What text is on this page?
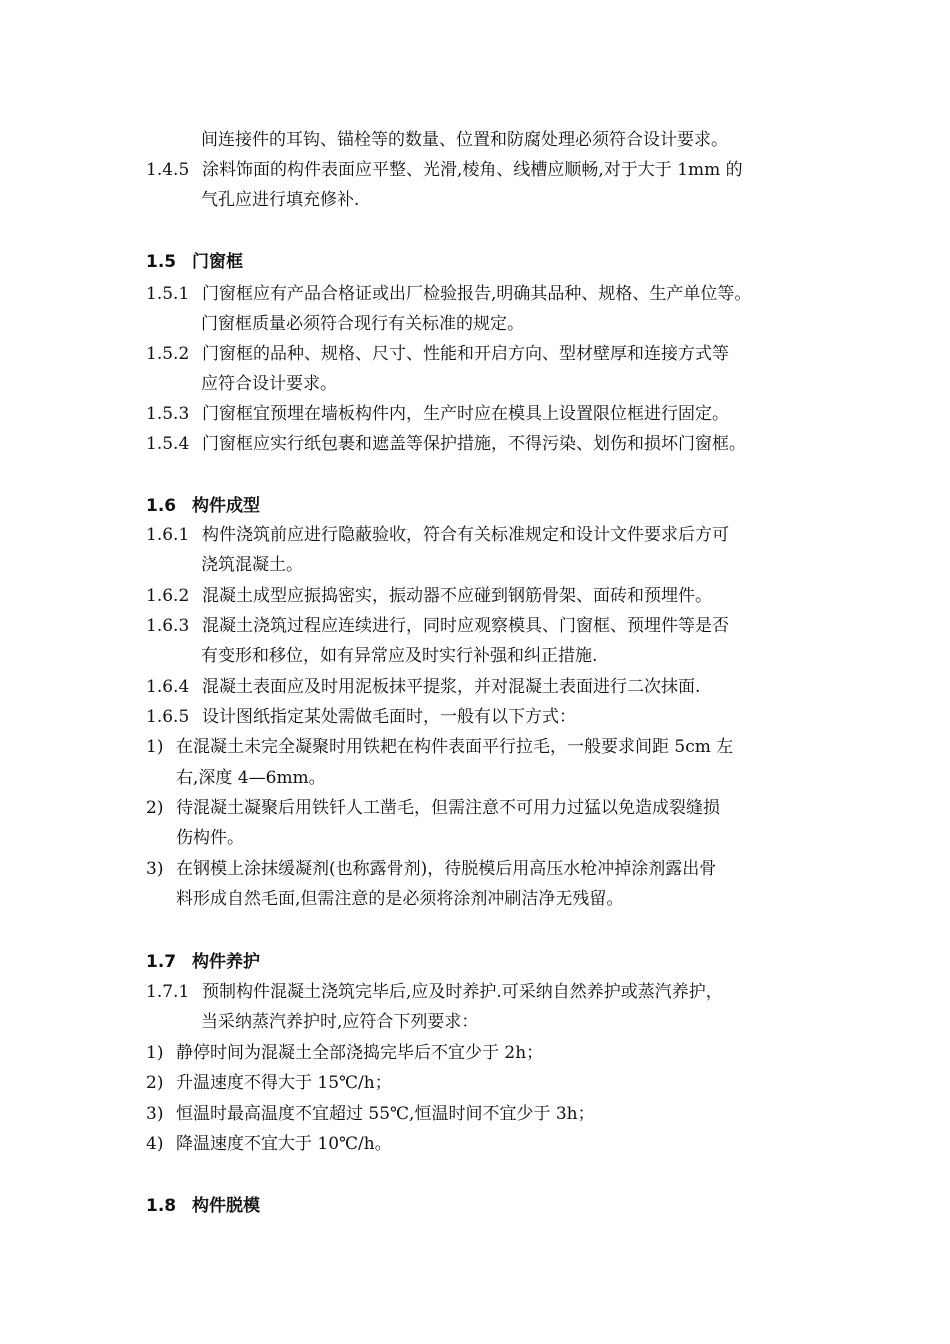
间连接件的耳钩、锚栓等的数量、位置和防腐处理必须符合设计要求。
1.4.5 涂料饰面的构件表面应平整、光滑,棱角、线槽应顺畅,对于大于 1mm 的
气孔应进行填充修补.
1.5 门窗框
1.5.1 门窗框应有产品合格证或出厂检验报告,明确其品种、规格、生产单位等。
门窗框质量必须符合现行有关标准的规定。
1.5.2 门窗框的品种、规格、尺寸、性能和开启方向、型材壁厚和连接方式等
应符合设计要求。
1.5.3 门窗框宜预埋在墙板构件内，生产时应在模具上设置限位框进行固定。
1.5.4 门窗框应实行纸包裹和遮盖等保护措施，不得污染、划伤和损坏门窗框。
1.6 构件成型
1.6.1 构件浇筑前应进行隐蔽验收，符合有关标准规定和设计文件要求后方可
浇筑混凝土。
1.6.2 混凝土成型应振捣密实，振动器不应碰到钢筋骨架、面砖和预埋件。
1.6.3 混凝土浇筑过程应连续进行，同时应观察模具、门窗框、预埋件等是否
有变形和移位，如有异常应及时实行补强和纠正措施.
1.6.4 混凝土表面应及时用泥板抹平提浆，并对混凝土表面进行二次抹面.
1.6.5 设计图纸指定某处需做毛面时，一般有以下方式：
1) 在混凝土未完全凝聚时用铁耙在构件表面平行拉毛，一般要求间距 5cm 左
右,深度 4—6mm。
2) 待混凝土凝聚后用铁钎人工凿毛，但需注意不可用力过猛以免造成裂缝损
伤构件。
3) 在钢模上涂抹缓凝剂(也称露骨剂)，待脱模后用高压水枪冲掉涂剂露出骨
料形成自然毛面,但需注意的是必须将涂剂冲刷洁净无残留。
1.7 构件养护
1.7.1 预制构件混凝土浇筑完毕后,应及时养护.可采纳自然养护或蒸汽养护，
当采纳蒸汽养护时,应符合下列要求：
1) 静停时间为混凝土全部浇捣完毕后不宜少于 2h；
2) 升温速度不得大于 15℃/h；
3) 恒温时最高温度不宜超过 55℃,恒温时间不宜少于 3h；
4) 降温速度不宜大于 10℃/h。
1.8 构件脱模
